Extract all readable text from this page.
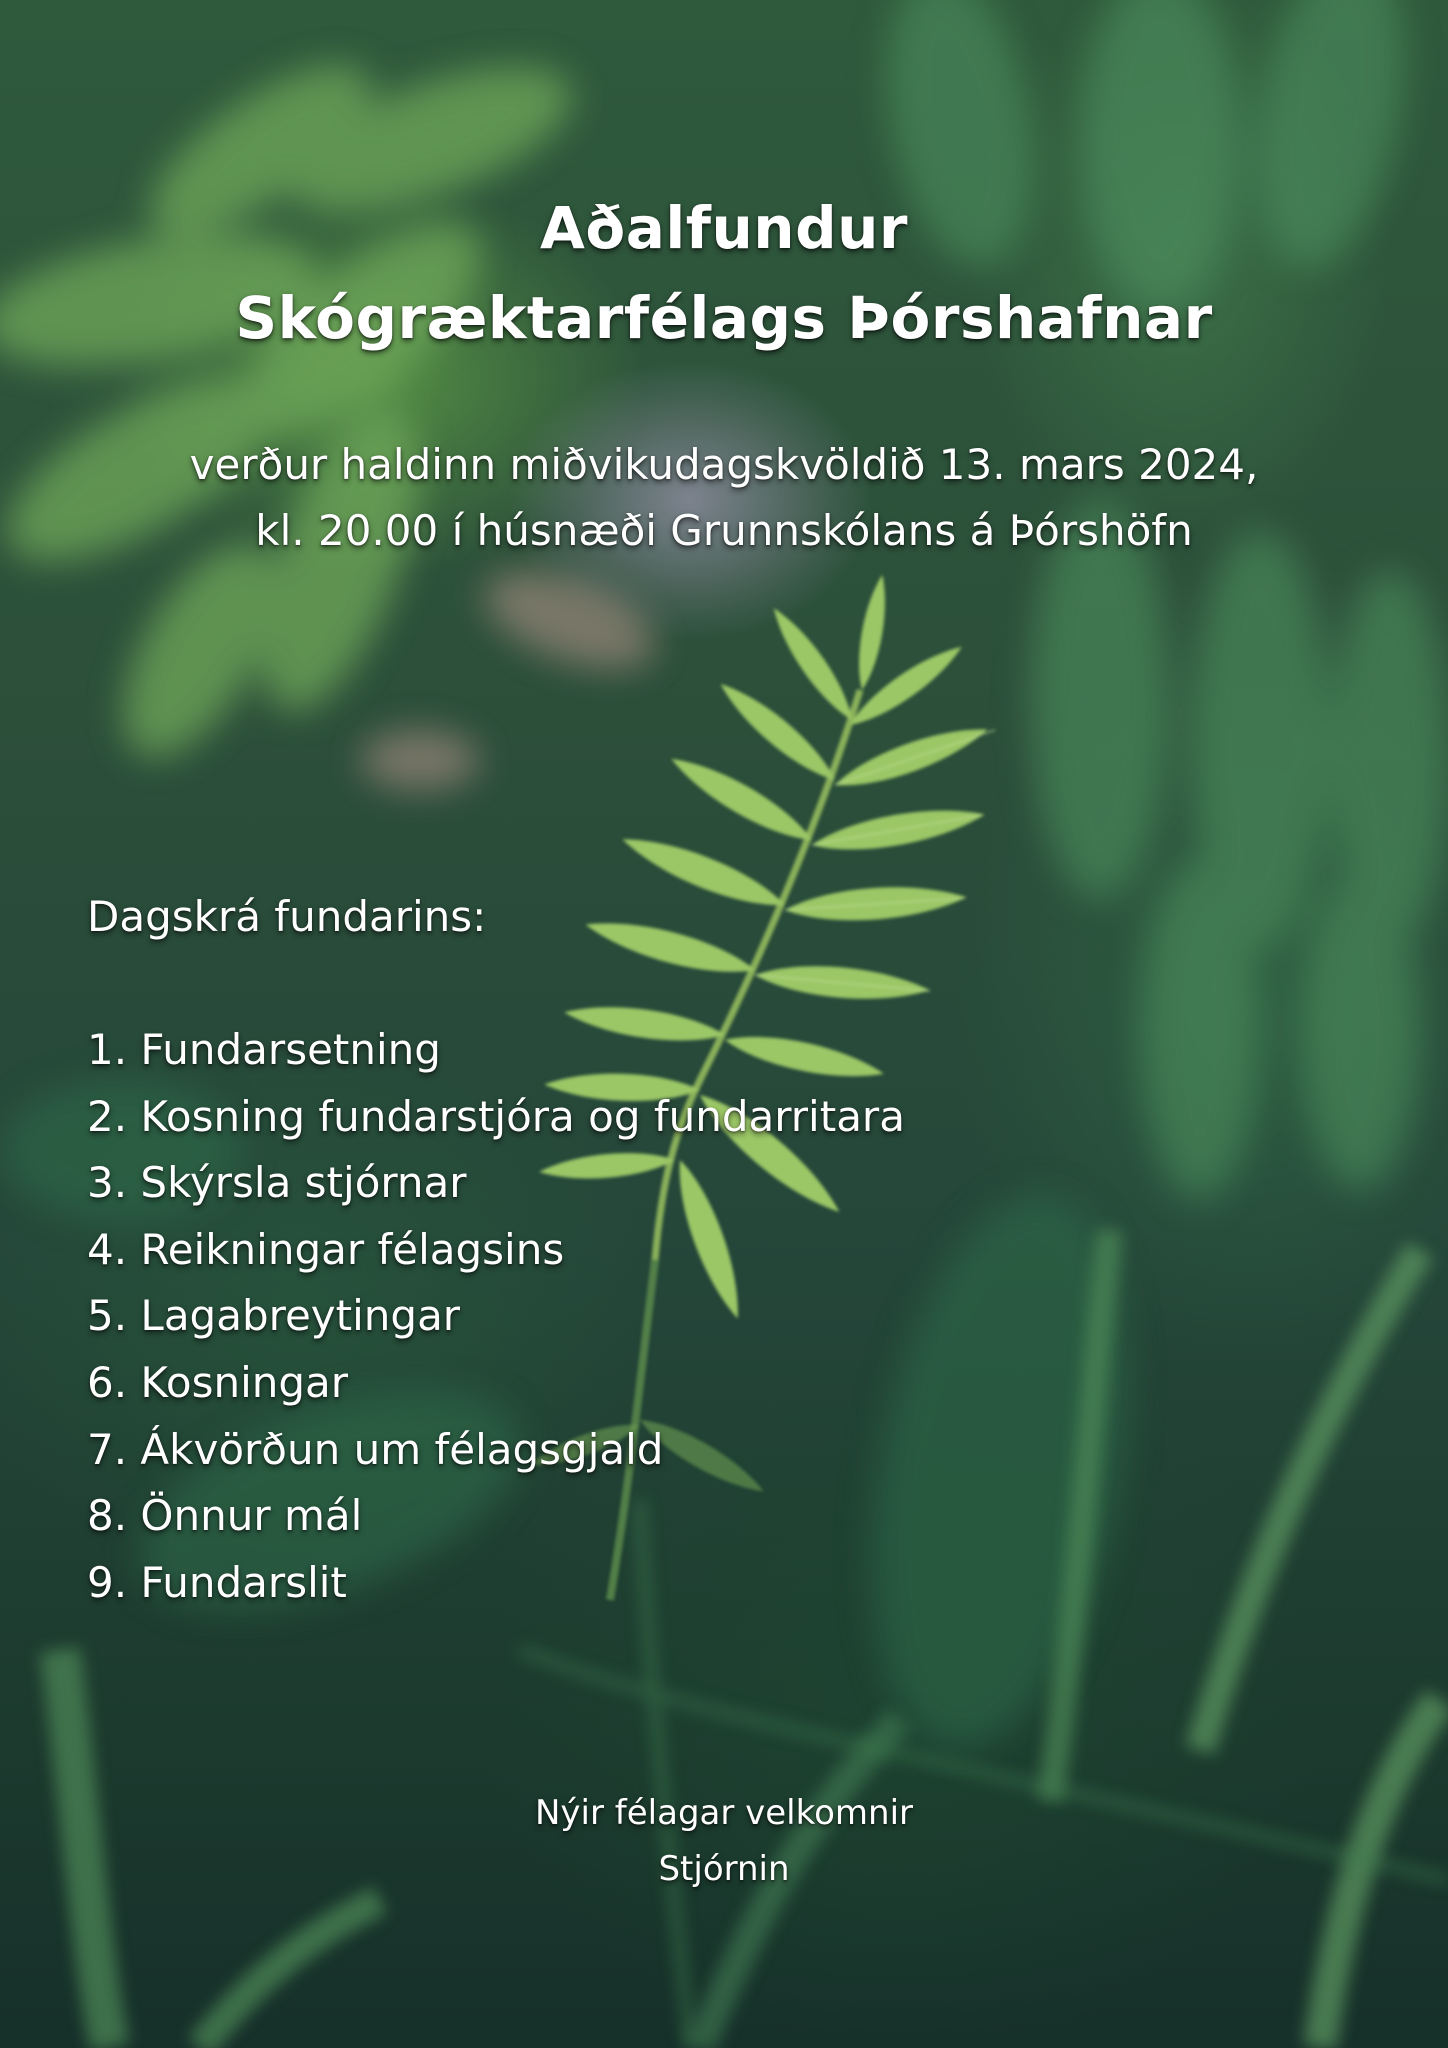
Aðalfundur
Skógræktarfélags Þórshafnar
verður haldinn miðvikudagskvöldið 13. mars 2024,
kl. 20.00 í húsnæði Grunnskólans á Þórshöfn
Dagskrá fundarins:
1. Fundarsetning
2. Kosning fundarstjóra og fundarritara
3. Skýrsla stjórnar
4. Reikningar félagsins
5. Lagabreytingar
6. Kosningar
7. Ákvörðun um félagsgjald
8. Önnur mál
9. Fundarslit
Nýir félagar velkomnir
Stjórnin
